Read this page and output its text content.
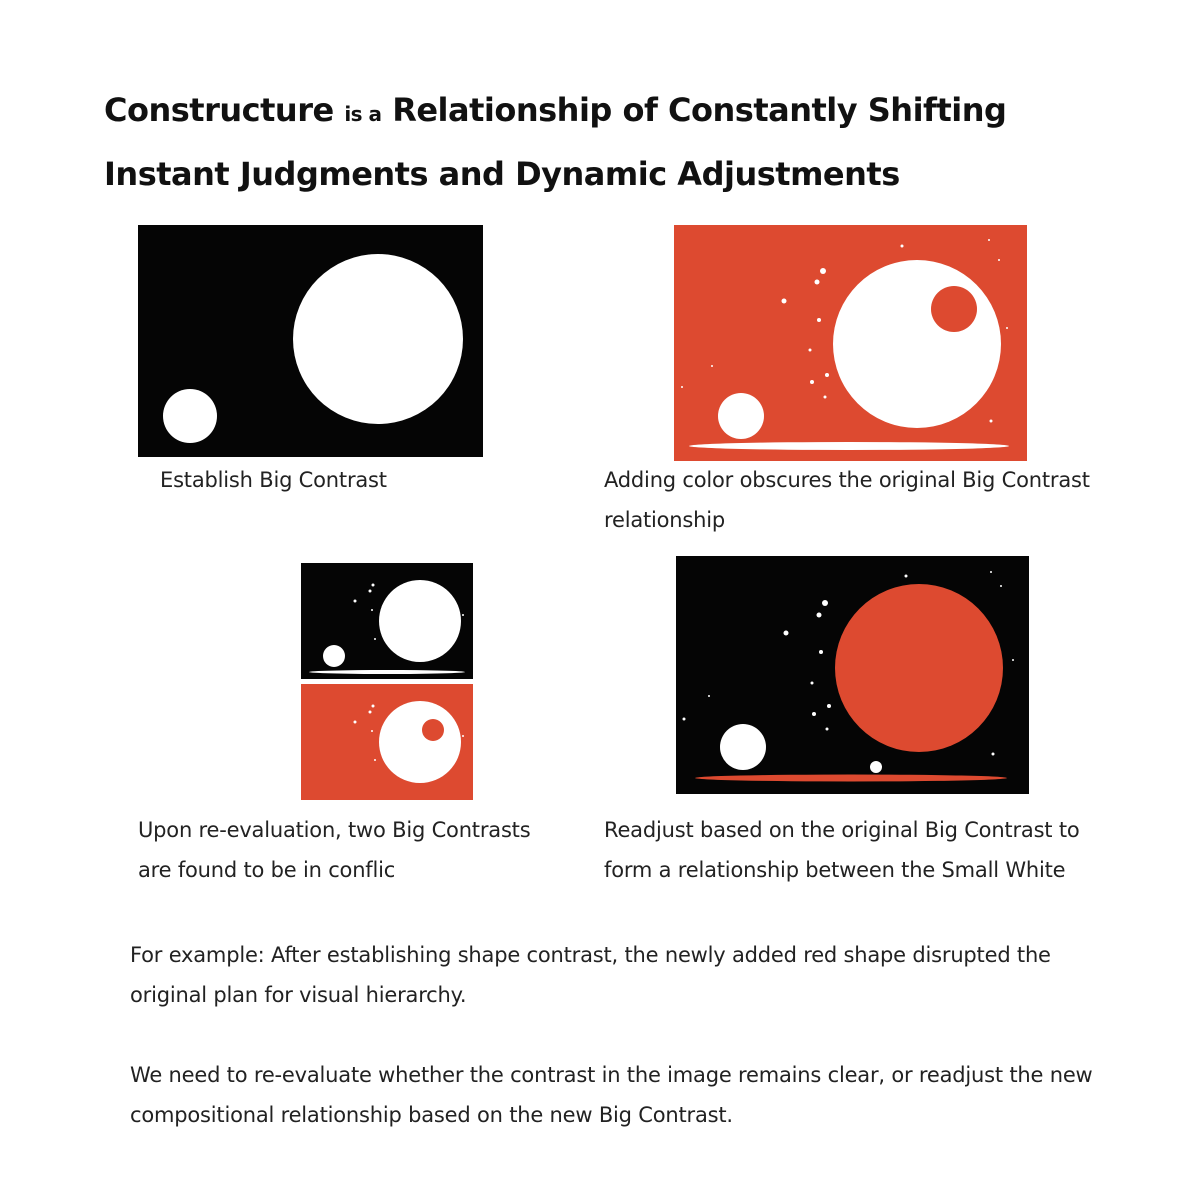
Constructure is a Relationship of Constantly Shifting Instant Judgments and Dynamic Adjustments
Establish Big Contrast	Adding color obscures the original Big Contrast relationship
Upon re-evaluation, two Big Contrasts are found to be in conflic
Readjust based on the original Big Contrast to form a relationship between the Small White
For example: After establishing shape contrast, the newly added red shape disrupted the original plan for visual hierarchy.
We need to re-evaluate whether the contrast in the image remains clear, or readjust the new compositional relationship based on the new Big Contrast.
